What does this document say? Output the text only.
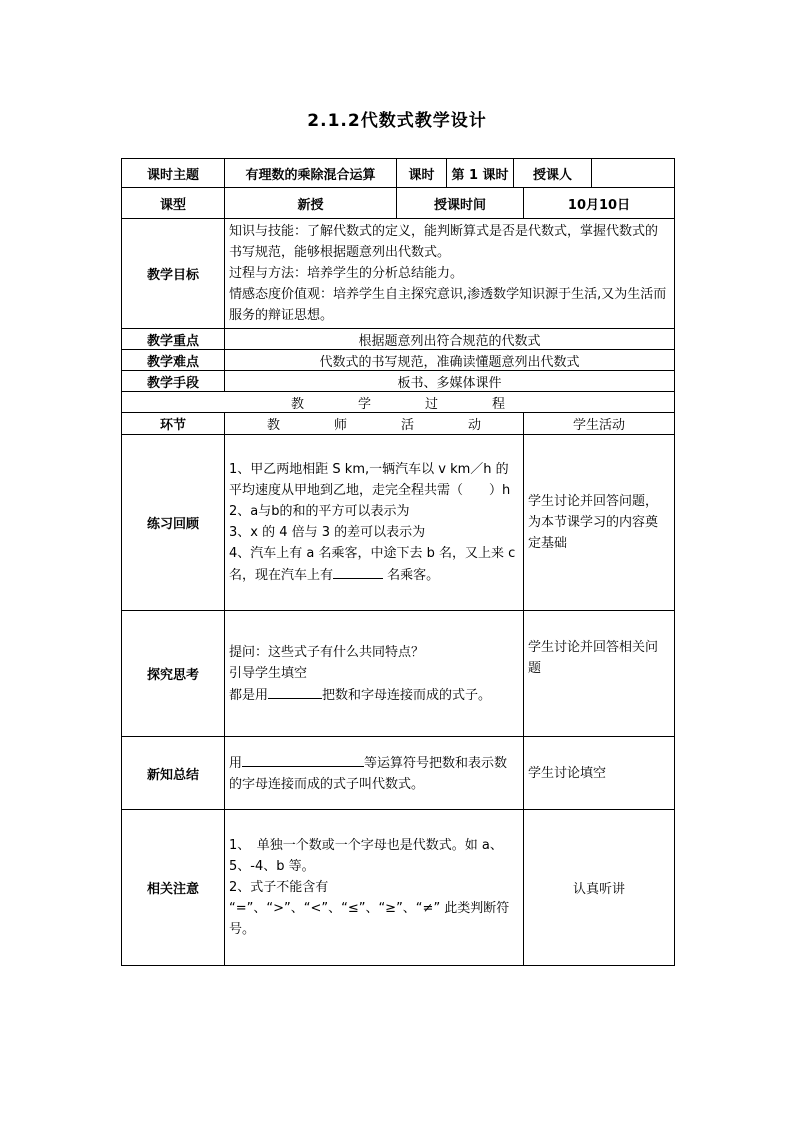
2.1.2代数式教学设计
课时主题	有理数的乘除混合运算	课时	第 1 课时	授课人		
课型	新授	授课时间			10月10日	
教学目标	知识与技能：了解代数式的定义，能判断算式是否是代数式，掌握代数式的书写规范，能够根据题意列出代数式。

过程与方法：培养学生的分析总结能力。

情感态度价值观：培养学生自主探究意识,渗透数学知识源于生活,又为生活而服务的辩证思想。					

教学重点	根据题意列出符合规范的代数式					
教学难点	代数式的书写规范，准确读懂题意列出代数式					
教学手段	板书、多媒体课件					

教 学 过 程						

环节	教 师 活 动				学生活动	
练习回顾	1、甲乙两地相距 S km,一辆汽车以 v km／h 的平均速度从甲地到乙地，走完全程共需（　　）h

2、a与b的和的平方可以表示为

3、x 的 4 倍与 3 的差可以表示为

4、汽车上有 a 名乘客，中途下去 b 名，又上来 c 名，现在汽车上有 名乘客。				学生讨论并回答问题，为本节课学习的内容奠定基础	
探究思考	提问：这些式子有什么共同特点？

引导学生填空

都是用 把数和字母连接而成的式子。				学生讨论并回答相关问题	
新知总结	用 等运算符号把数和表示数的字母连接而成的式子叫代数式。				学生讨论填空	
相关注意	1、　单独一个数或一个字母也是代数式。如 a、5、-4、b 等。

2、式子不能含有 “=”、“>”、“<”、“≤”、“≥”、“≠” 此类判断符号。				认真听讲	
